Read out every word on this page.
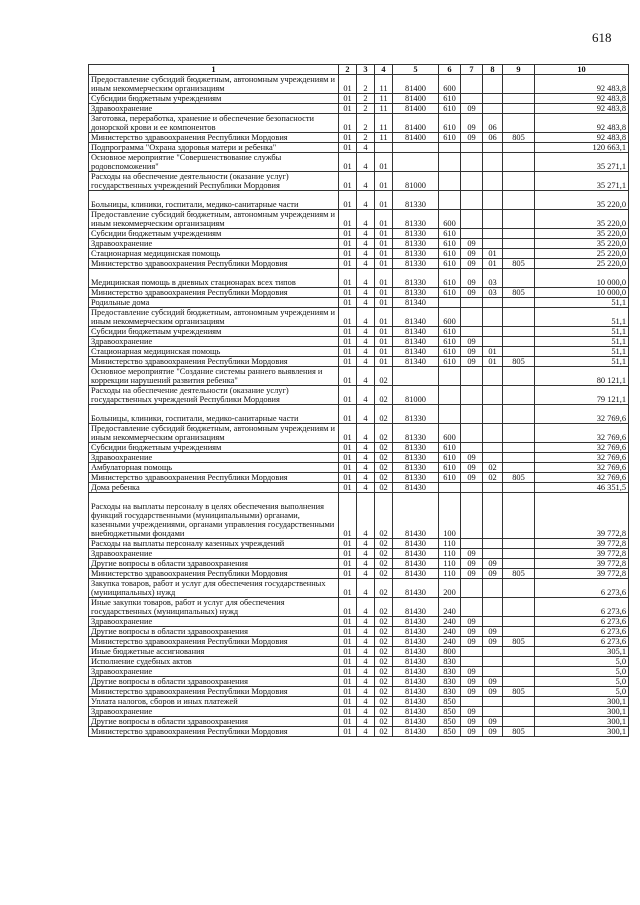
618
1	2	3	4	5	6	7	8	9	10
Предоставление субсидий бюджетным, автономным учреждениям и иным некоммерческим организациям	01	2	11	81400	600				92 483,8
Субсидии бюджетным учреждениям	01	2	11	81400	610				92 483,8
Здравоохранение	01	2	11	81400	610	09			92 483,8
Заготовка, переработка, хранение и обеспечение безопасности донорской крови и ее компонентов	01	2	11	81400	610	09	06		92 483,8
Министерство здравоохранения Республики Мордовия	01	2	11	81400	610	09	06	805	92 483,8
Подпрограмма "Охрана здоровья матери и ребенка"	01	4							120 663,1
Основное мероприятие "Совершенствование службы родовспоможения"	01	4	01						35 271,1
Расходы на обеспечение деятельности (оказание услуг) государственных учреждений Республики Мордовия	01	4	01	81000					35 271,1
Больницы, клиники, госпитали, медико-санитарные части	01	4	01	81330					35 220,0
Предоставление субсидий бюджетным, автономным учреждениям и иным некоммерческим организациям	01	4	01	81330	600				35 220,0
Субсидии бюджетным учреждениям	01	4	01	81330	610				35 220,0
Здравоохранение	01	4	01	81330	610	09			35 220,0
Стационарная медицинская помощь	01	4	01	81330	610	09	01		25 220,0
Министерство здравоохранения Республики Мордовия	01	4	01	81330	610	09	01	805	25 220,0
Медицинская помощь в дневных стационарах всех типов	01	4	01	81330	610	09	03		10 000,0
Министерство здравоохранения Республики Мордовия	01	4	01	81330	610	09	03	805	10 000,0
Родильные дома	01	4	01	81340					51,1
Предоставление субсидий бюджетным, автономным учреждениям и иным некоммерческим организациям	01	4	01	81340	600				51,1
Субсидии бюджетным учреждениям	01	4	01	81340	610				51,1
Здравоохранение	01	4	01	81340	610	09			51,1
Стационарная медицинская помощь	01	4	01	81340	610	09	01		51,1
Министерство здравоохранения Республики Мордовия	01	4	01	81340	610	09	01	805	51,1
Основное мероприятие "Создание системы раннего выявления и коррекции нарушений развития ребенка"	01	4	02						80 121,1
Расходы на обеспечение деятельности (оказание услуг) государственных учреждений Республики Мордовия	01	4	02	81000					79 121,1
Больницы, клиники, госпитали, медико-санитарные части	01	4	02	81330					32 769,6
Предоставление субсидий бюджетным, автономным учреждениям и иным некоммерческим организациям	01	4	02	81330	600				32 769,6
Субсидии бюджетным учреждениям	01	4	02	81330	610				32 769,6
Здравоохранение	01	4	02	81330	610	09			32 769,6
Амбулаторная помощь	01	4	02	81330	610	09	02		32 769,6
Министерство здравоохранения Республики Мордовия	01	4	02	81330	610	09	02	805	32 769,6
Дома ребенка	01	4	02	81430					46 351,5
Расходы на выплаты персоналу в целях обеспечения выполнения функций государственными (муниципальными) органами, казенными учреждениями, органами управления государственными внебюджетными фондами	01	4	02	81430	100				39 772,8
Расходы на выплаты персоналу казенных учреждений	01	4	02	81430	110				39 772,8
Здравоохранение	01	4	02	81430	110	09			39 772,8
Другие вопросы в области здравоохранения	01	4	02	81430	110	09	09		39 772,8
Министерство здравоохранения Республики Мордовия	01	4	02	81430	110	09	09	805	39 772,8
Закупка товаров, работ и услуг для обеспечения государственных (муниципальных) нужд	01	4	02	81430	200				6 273,6
Иные закупки товаров, работ и услуг для обеспечения государственных (муниципальных) нужд	01	4	02	81430	240				6 273,6
Здравоохранение	01	4	02	81430	240	09			6 273,6
Другие вопросы в области здравоохранения	01	4	02	81430	240	09	09		6 273,6
Министерство здравоохранения Республики Мордовия	01	4	02	81430	240	09	09	805	6 273,6
Иные бюджетные ассигнования	01	4	02	81430	800				305,1
Исполнение судебных актов	01	4	02	81430	830				5,0
Здравоохранение	01	4	02	81430	830	09			5,0
Другие вопросы в области здравоохранения	01	4	02	81430	830	09	09		5,0
Министерство здравоохранения Республики Мордовия	01	4	02	81430	830	09	09	805	5,0
Уплата налогов, сборов и иных платежей	01	4	02	81430	850				300,1
Здравоохранение	01	4	02	81430	850	09			300,1
Другие вопросы в области здравоохранения	01	4	02	81430	850	09	09		300,1
Министерство здравоохранения Республики Мордовия	01	4	02	81430	850	09	09	805	300,1
